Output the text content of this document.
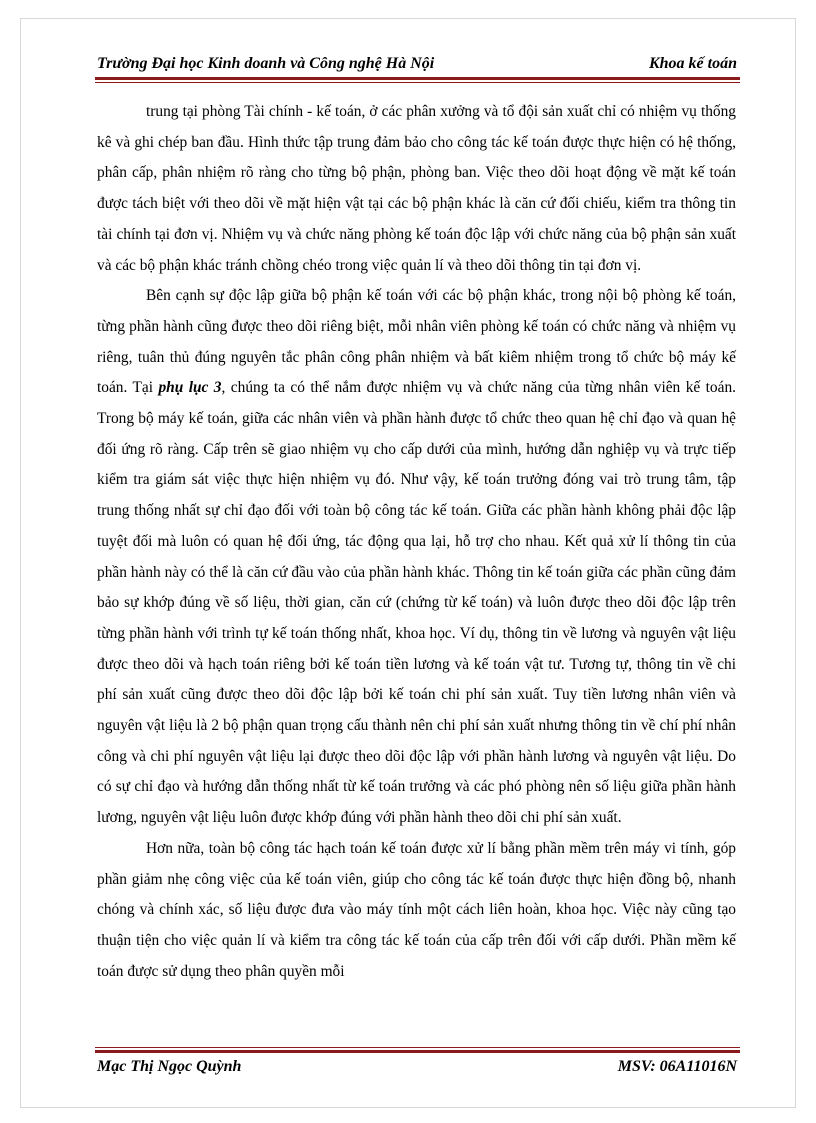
Trường Đại học Kinh doanh và Công nghệ Hà Nội	Khoa kế toán

trung tại phòng Tài chính - kế toán, ở các phân xưởng và tổ đội sản xuất chỉ có nhiệm vụ thống kê và ghi chép ban đầu. Hình thức tập trung đảm bảo cho công tác kế toán được thực hiện có hệ thống, phân cấp, phân nhiệm rõ ràng cho từng bộ phận, phòng ban. Việc theo dõi hoạt động về mặt kế toán được tách biệt với theo dõi về mặt hiện vật tại các bộ phận khác là căn cứ đối chiếu, kiểm tra thông tin tài chính tại đơn vị. Nhiệm vụ và chức năng phòng kế toán độc lập với chức năng của bộ phận sản xuất và các bộ phận khác tránh chồng chéo trong việc quản lí và theo dõi thông tin tại đơn vị.

Bên cạnh sự độc lập giữa bộ phận kế toán với các bộ phận khác, trong nội bộ phòng kế toán, từng phần hành cũng được theo dõi riêng biệt, mỗi nhân viên phòng kế toán có chức năng và nhiệm vụ riêng, tuân thủ đúng nguyên tắc phân công phân nhiệm và bất kiêm nhiệm trong tổ chức bộ máy kế toán. Tại phụ lục 3, chúng ta có thể nắm được nhiệm vụ và chức năng của từng nhân viên kế toán. Trong bộ máy kế toán, giữa các nhân viên và phần hành được tổ chức theo quan hệ chỉ đạo và quan hệ đối ứng rõ ràng. Cấp trên sẽ giao nhiệm vụ cho cấp dưới của mình, hướng dẫn nghiệp vụ và trực tiếp kiểm tra giám sát việc thực hiện nhiệm vụ đó. Như vậy, kế toán trưởng đóng vai trò trung tâm, tập trung thống nhất sự chỉ đạo đối với toàn bộ công tác kế toán. Giữa các phần hành không phải độc lập tuyệt đối mà luôn có quan hệ đối ứng, tác động qua lại, hỗ trợ cho nhau. Kết quả xử lí thông tin của phần hành này có thể là căn cứ đầu vào của phần hành khác. Thông tin kế toán giữa các phần cũng đảm bảo sự khớp đúng về số liệu, thời gian, căn cứ (chứng từ kế toán) và luôn được theo dõi độc lập trên từng phần hành với trình tự kế toán thống nhất, khoa học. Ví dụ, thông tin về lương và nguyên vật liệu được theo dõi và hạch toán riêng bởi kế toán tiền lương và kế toán vật tư. Tương tự, thông tin về chi phí sản xuất cũng được theo dõi độc lập bởi kế toán chi phí sản xuất. Tuy tiền lương nhân viên và nguyên vật liệu là 2 bộ phận quan trọng cấu thành nên chi phí sản xuất nhưng thông tin về chí phí nhân công và chi phí nguyên vật liệu lại được theo dõi độc lập với phần hành lương và nguyên vật liệu. Do có sự chỉ đạo và hướng dẫn thống nhất từ kế toán trưởng và các phó phòng nên số liệu giữa phần hành lương, nguyên vật liệu luôn được khớp đúng với phần hành theo dõi chi phí sản xuất.

Hơn nữa, toàn bộ công tác hạch toán kế toán được xử lí bằng phần mềm trên máy vi tính, góp phần giảm nhẹ công việc của kế toán viên, giúp cho công tác kế toán được thực hiện đồng bộ, nhanh chóng và chính xác, số liệu được đưa vào máy tính một cách liên hoàn, khoa học. Việc này cũng tạo thuận tiện cho việc quản lí và kiểm tra công tác kế toán của cấp trên đối với cấp dưới. Phần mềm kế toán được sử dụng theo phân quyền mỗi

Mạc Thị Ngọc Quỳnh	MSV: 06A11016N
